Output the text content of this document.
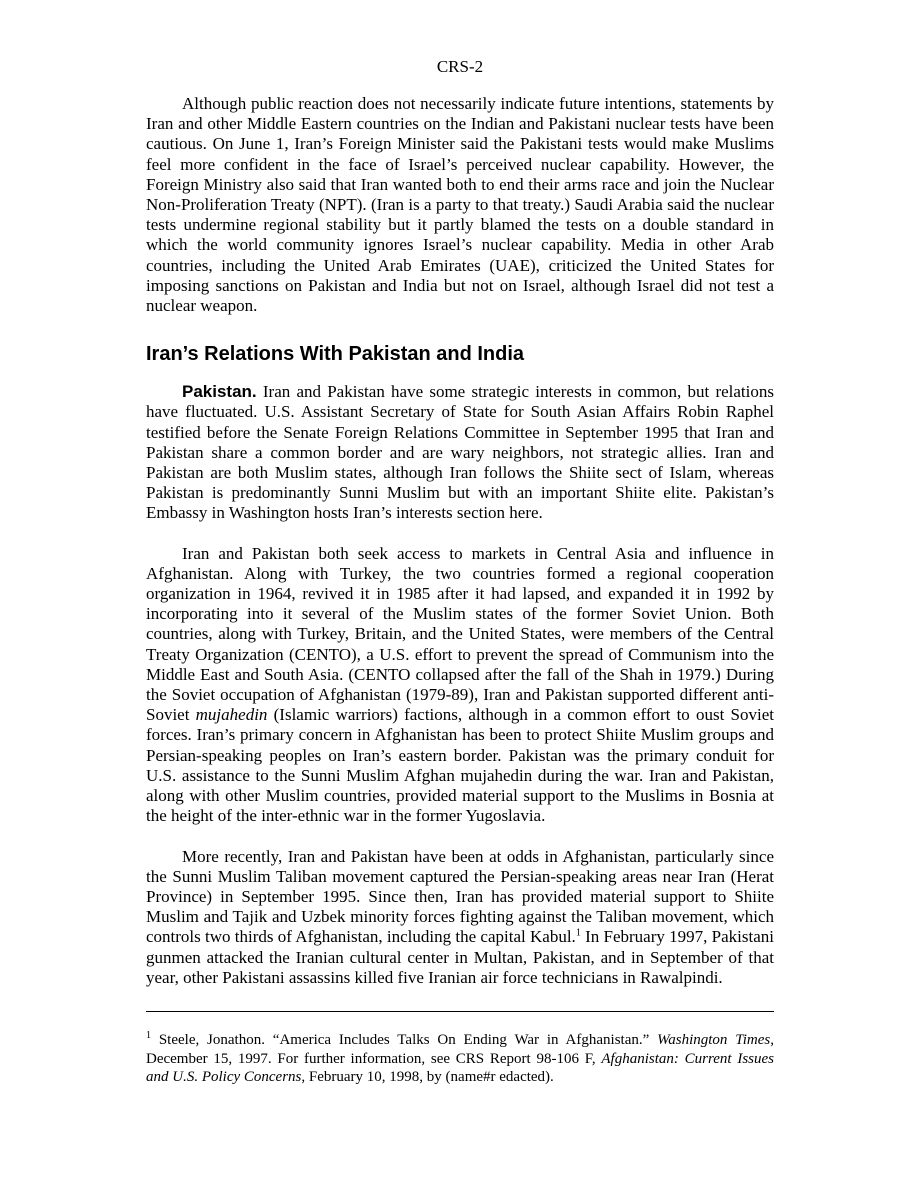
CRS-2

Although public reaction does not necessarily indicate future intentions, statements by Iran and other Middle Eastern countries on the Indian and Pakistani nuclear tests have been cautious. On June 1, Iran’s Foreign Minister said the Pakistani tests would make Muslims feel more confident in the face of Israel’s perceived nuclear capability. However, the Foreign Ministry also said that Iran wanted both to end their arms race and join the Nuclear Non-Proliferation Treaty (NPT). (Iran is a party to that treaty.) Saudi Arabia said the nuclear tests undermine regional stability but it partly blamed the tests on a double standard in which the world community ignores Israel’s nuclear capability. Media in other Arab countries, including the United Arab Emirates (UAE), criticized the United States for imposing sanctions on Pakistan and India but not on Israel, although Israel did not test a nuclear weapon.

Iran’s Relations With Pakistan and India

Pakistan. Iran and Pakistan have some strategic interests in common, but relations have fluctuated. U.S. Assistant Secretary of State for South Asian Affairs Robin Raphel testified before the Senate Foreign Relations Committee in September 1995 that Iran and Pakistan share a common border and are wary neighbors, not strategic allies. Iran and Pakistan are both Muslim states, although Iran follows the Shiite sect of Islam, whereas Pakistan is predominantly Sunni Muslim but with an important Shiite elite. Pakistan’s Embassy in Washington hosts Iran’s interests section here.

Iran and Pakistan both seek access to markets in Central Asia and influence in Afghanistan. Along with Turkey, the two countries formed a regional cooperation organization in 1964, revived it in 1985 after it had lapsed, and expanded it in 1992 by incorporating into it several of the Muslim states of the former Soviet Union. Both countries, along with Turkey, Britain, and the United States, were members of the Central Treaty Organization (CENTO), a U.S. effort to prevent the spread of Communism into the Middle East and South Asia. (CENTO collapsed after the fall of the Shah in 1979.) During the Soviet occupation of Afghanistan (1979-89), Iran and Pakistan supported different anti-Soviet mujahedin (Islamic warriors) factions, although in a common effort to oust Soviet forces. Iran’s primary concern in Afghanistan has been to protect Shiite Muslim groups and Persian-speaking peoples on Iran’s eastern border. Pakistan was the primary conduit for U.S. assistance to the Sunni Muslim Afghan mujahedin during the war. Iran and Pakistan, along with other Muslim countries, provided material support to the Muslims in Bosnia at the height of the inter-ethnic war in the former Yugoslavia.

More recently, Iran and Pakistan have been at odds in Afghanistan, particularly since the Sunni Muslim Taliban movement captured the Persian-speaking areas near Iran (Herat Province) in September 1995. Since then, Iran has provided material support to Shiite Muslim and Tajik and Uzbek minority forces fighting against the Taliban movement, which controls two thirds of Afghanistan, including the capital Kabul.$^1$ In February 1997, Pakistani gunmen attacked the Iranian cultural center in Multan, Pakistan, and in September of that year, other Pakistani assassins killed five Iranian air force technicians in Rawalpindi.

$^1$ Steele, Jonathon. “America Includes Talks On Ending War in Afghanistan.” Washington Times, December 15, 1997. For further information, see CRS Report 98-106 F, Afghanistan: Current Issues and U.S. Policy Concerns, February 10, 1998, by (name#r edacted).
